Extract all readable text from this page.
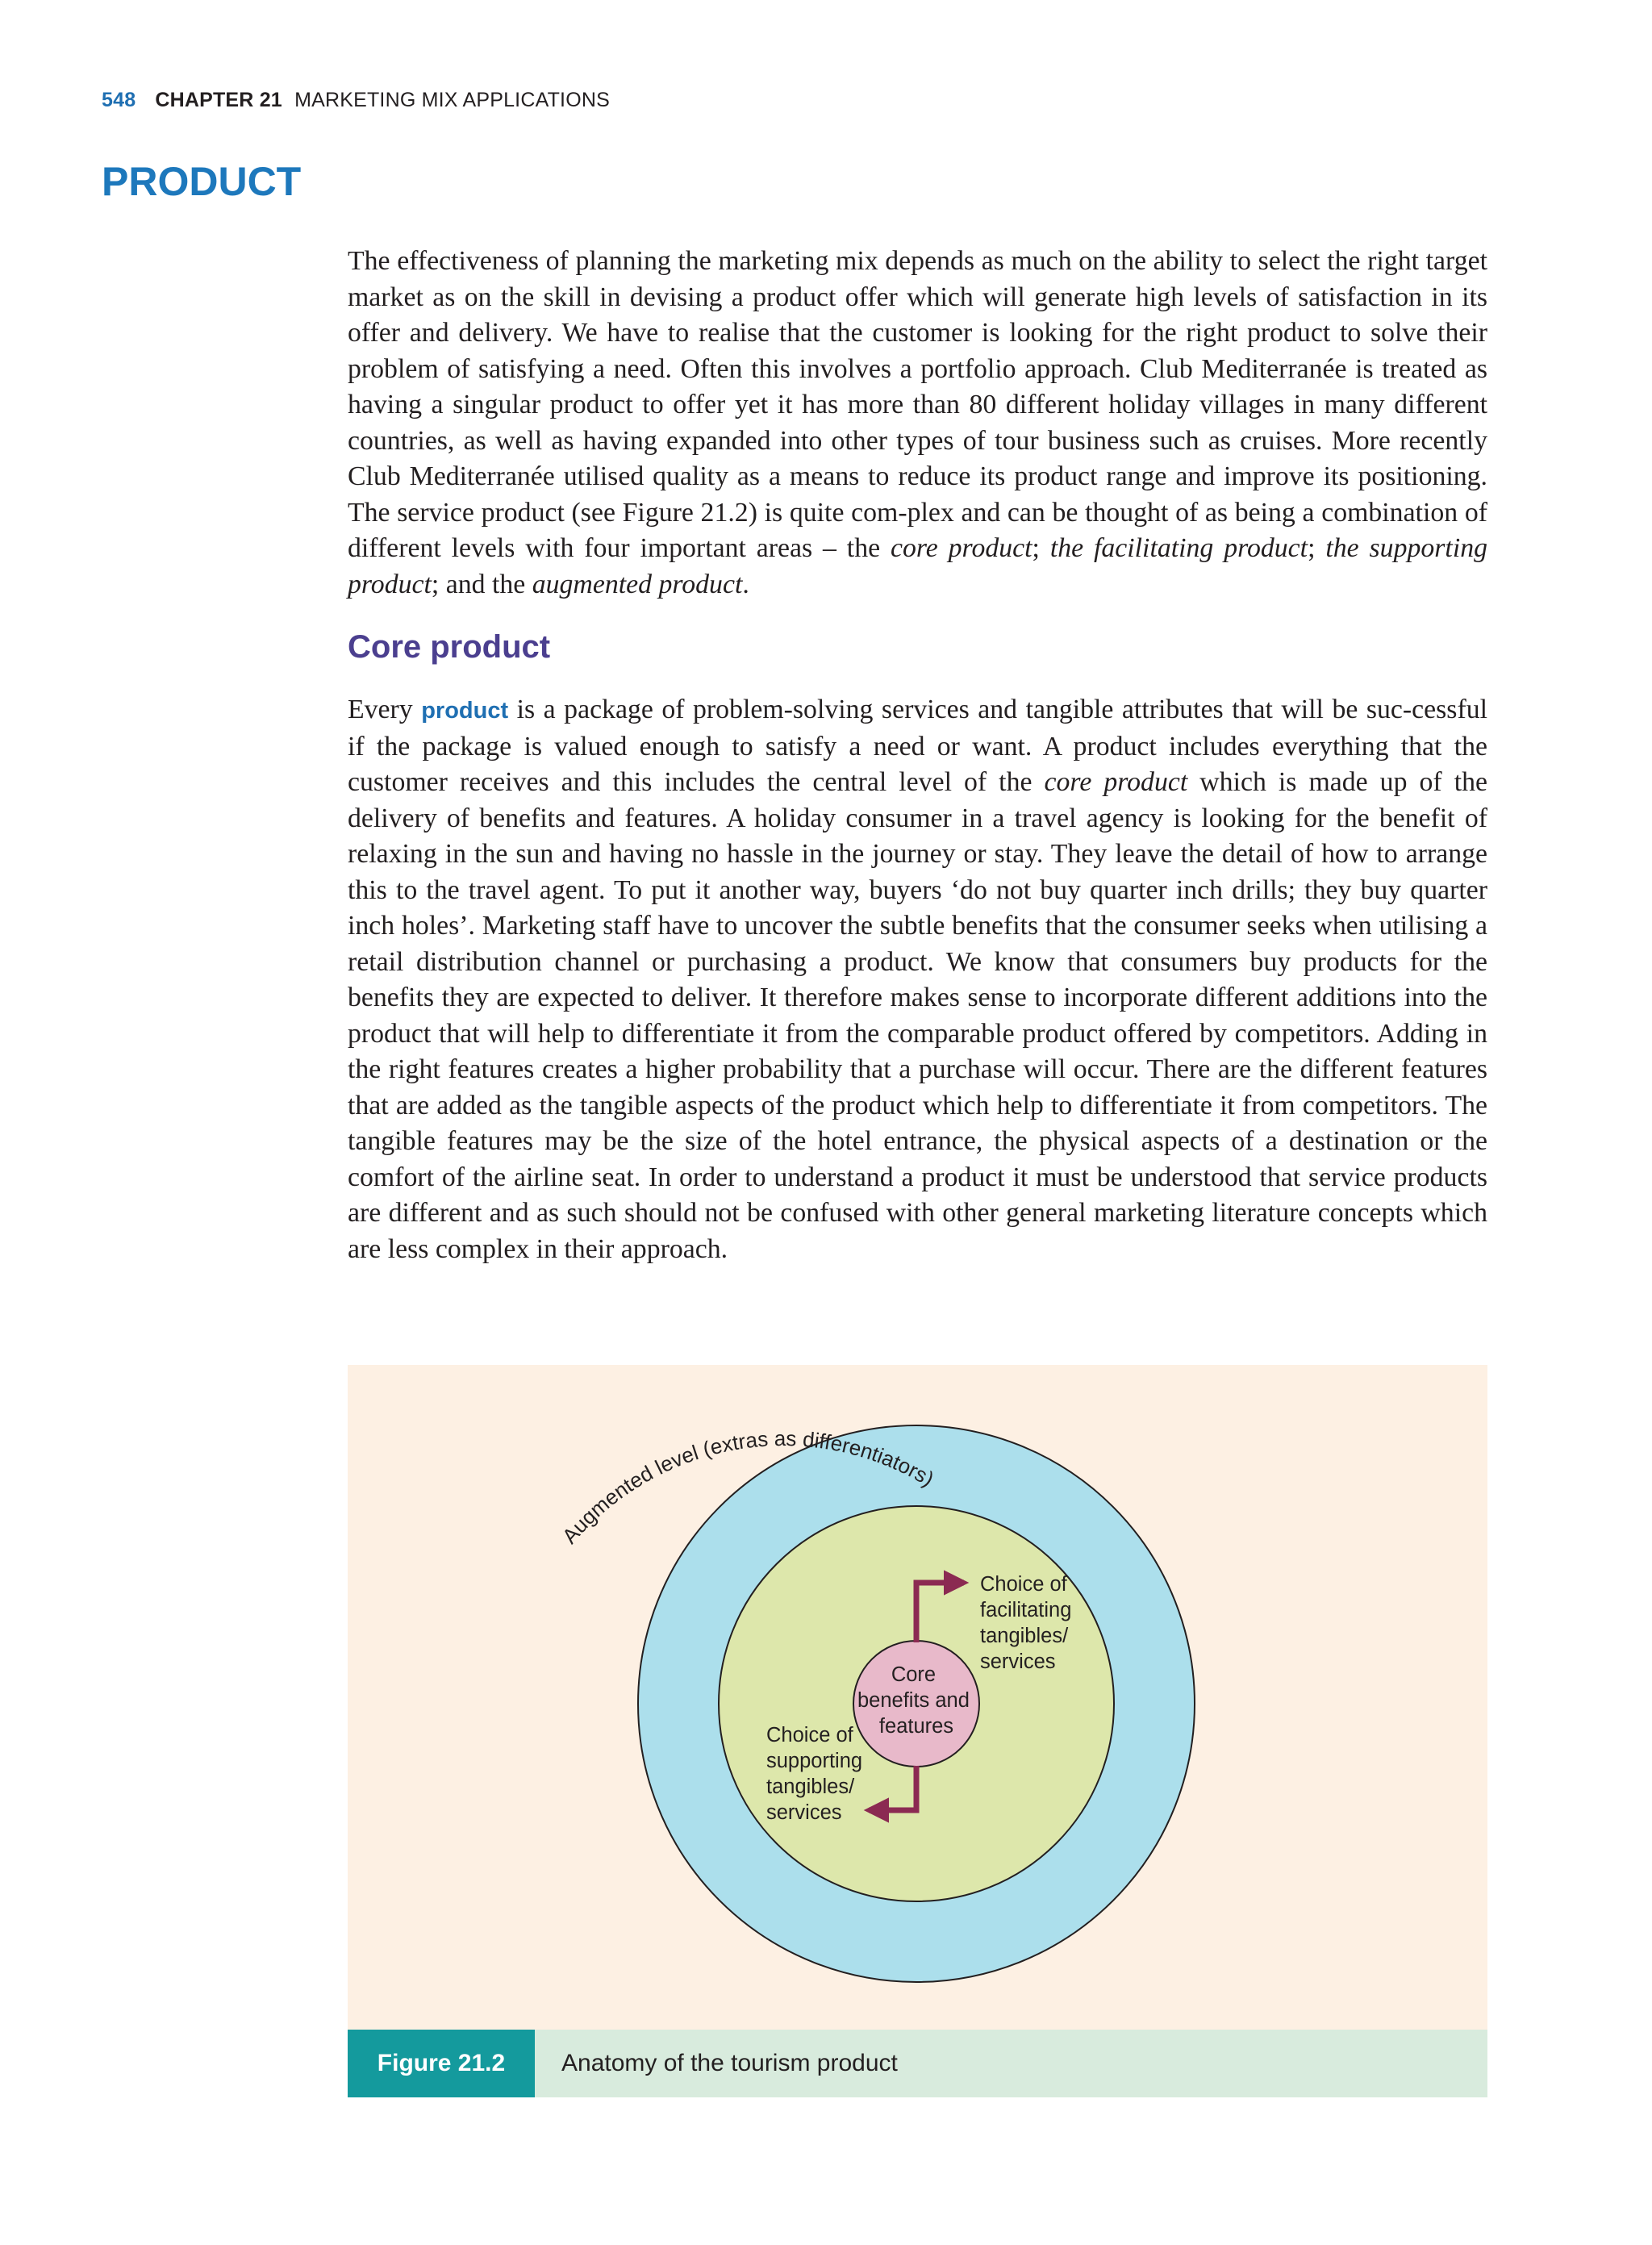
548 CHAPTER 21 MARKETING MIX APPLICATIONS
PRODUCT

The effectiveness of planning the marketing mix depends as much on the ability to select the right target market as on the skill in devising a product offer which will generate high levels of satisfaction in its offer and delivery. We have to realise that the customer is looking for the right product to solve their problem of satisfying a need. Often this involves a portfolio approach. Club Mediterranée is treated as having a singular product to offer yet it has more than 80 different holiday villages in many different countries, as well as having expanded into other types of tour business such as cruises. More recently Club Mediterranée utilised quality as a means to reduce its product range and improve its positioning. The service product (see Figure 21.2) is quite com-plex and can be thought of as being a combination of different levels with four important areas – the core product; the facilitating product; the supporting product; and the augmented product.

Core product

Every product is a package of problem-solving services and tangible attributes that will be suc-cessful if the package is valued enough to satisfy a need or want. A product includes everything that the customer receives and this includes the central level of the core product which is made up of the delivery of benefits and features. A holiday consumer in a travel agency is looking for the benefit of relaxing in the sun and having no hassle in the journey or stay. They leave the detail of how to arrange this to the travel agent. To put it another way, buyers ‘do not buy quarter inch drills; they buy quarter inch holes’. Marketing staff have to uncover the subtle benefits that the consumer seeks when utilising a retail distribution channel or purchasing a product. We know that consumers buy products for the benefits they are expected to deliver. It therefore makes sense to incorporate different additions into the product that will help to differentiate it from the comparable product offered by competitors. Adding in the right features creates a higher probability that a purchase will occur. There are the different features that are added as the tangible aspects of the product which help to differentiate it from competitors. The tangible features may be the size of the hotel entrance, the physical aspects of a destination or the comfort of the airline seat. In order to understand a product it must be understood that service products are different and as such should not be confused with other general marketing literature concepts which are less complex in their approach.

Augmented level (extras as differentiators)
Core benefits and features
Choice of facilitating tangibles/ services
Choice of supporting tangibles/ services
Figure 21.2	Anatomy of the tourism product
